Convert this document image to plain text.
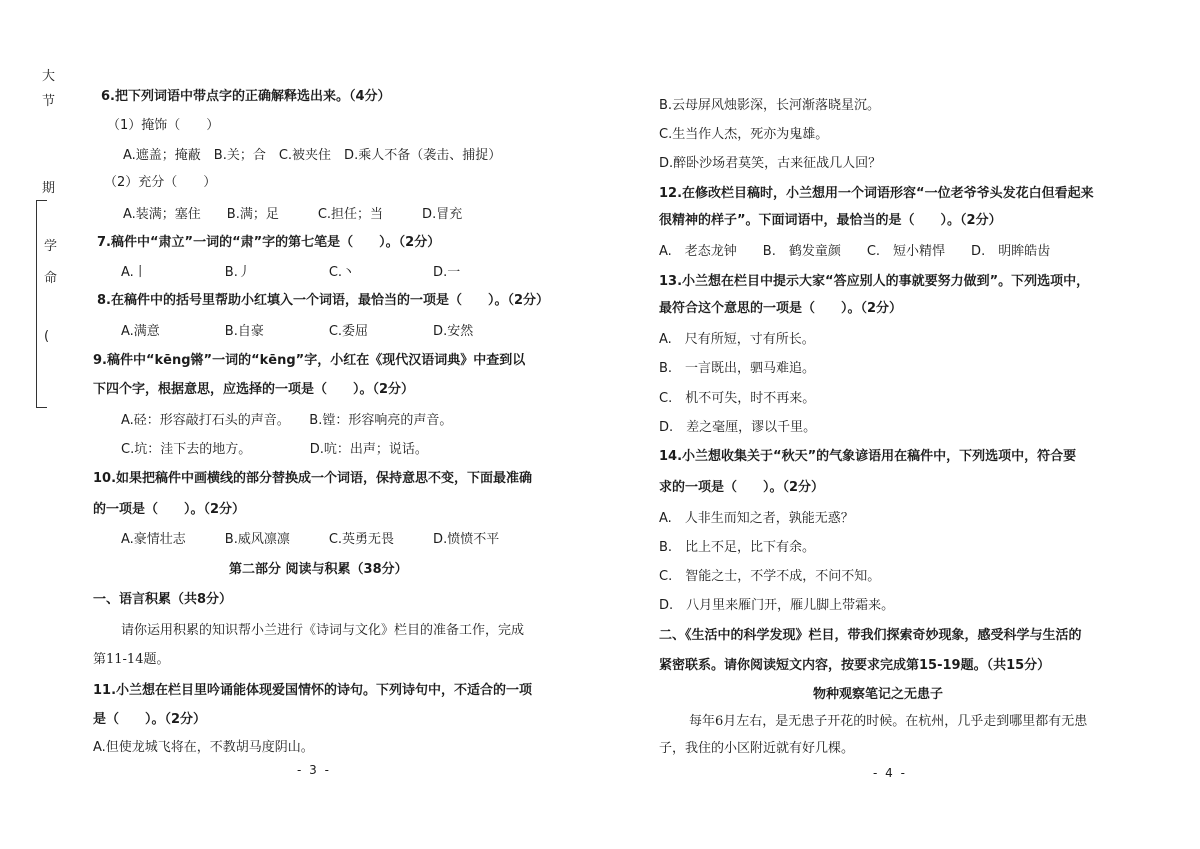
大
节
期
学
命
(
6.把下列词语中带点字的正确解释选出来。（4分）
（1）掩饰（　　）
A.遮盖；掩蔽　B.关；合　C.被夹住　D.乘人不备（袭击、捕捉）
（2）充分（　　）
A.装满；塞住　　B.满；足　　　C.担任；当　　　D.冒充
7.稿件中“肃立”一词的“肃”字的第七笔是（　　）。（2分）
A.丨　　　　　　B.丿　　　　　　C.丶　　　　　　D.一
8.在稿件中的括号里帮助小红填入一个词语，最恰当的一项是（　　）。（2分）
A.满意　　　　　B.自豪　　　　　C.委屈　　　　　D.安然
9.稿件中“kēng锵”一词的“kēng”字，小红在《现代汉语词典》中查到以
下四个字，根据意思，应选择的一项是（　　）。（2分）
A.硁：形容敲打石头的声音。　　B.镗：形容响亮的声音。
C.坑：洼下去的地方。　　　　　D.吭：出声；说话。
10.如果把稿件中画横线的部分替换成一个词语，保持意思不变，下面最准确
的一项是（　　）。（2分）
A.豪情壮志　　　B.威风凛凛　　　C.英勇无畏　　　D.愤愤不平
第二部分 阅读与积累（38分）
一、语言积累（共8分）
请你运用积累的知识帮小兰进行《诗词与文化》栏目的准备工作，完成
第11-14题。
11.小兰想在栏目里吟诵能体现爱国情怀的诗句。下列诗句中，不适合的一项
是（　　）。（2分）
A.但使龙城飞将在，不教胡马度阴山。
- 3 -
B.云母屏风烛影深，长河渐落晓星沉。
C.生当作人杰，死亦为鬼雄。
D.醉卧沙场君莫笑，古来征战几人回？
12.在修改栏目稿时，小兰想用一个词语形容“一位老爷爷头发花白但看起来
很精神的样子”。下面词语中，最恰当的是（　　）。（2分）
A.　老态龙钟　　B.　鹤发童颜　　C.　短小精悍　　D.　明眸皓齿
13.小兰想在栏目中提示大家“答应别人的事就要努力做到”。下列选项中，
最符合这个意思的一项是（　　）。（2分）
A.　尺有所短，寸有所长。
B.　一言既出，驷马难追。
C.　机不可失，时不再来。
D.　差之毫厘，谬以千里。
14.小兰想收集关于“秋天”的气象谚语用在稿件中，下列选项中，符合要
求的一项是（　　）。（2分）
A.　人非生而知之者，孰能无惑？
B.　比上不足，比下有余。
C.　智能之士，不学不成，不问不知。
D.　八月里来雁门开，雁儿脚上带霜来。
二、《生活中的科学发现》栏目，带我们探索奇妙现象，感受科学与生活的
紧密联系。请你阅读短文内容，按要求完成第15-19题。（共15分）
物种观察笔记之无患子
每年6月左右，是无患子开花的时候。在杭州，几乎走到哪里都有无患
子，我住的小区附近就有好几棵。
- 4 -
